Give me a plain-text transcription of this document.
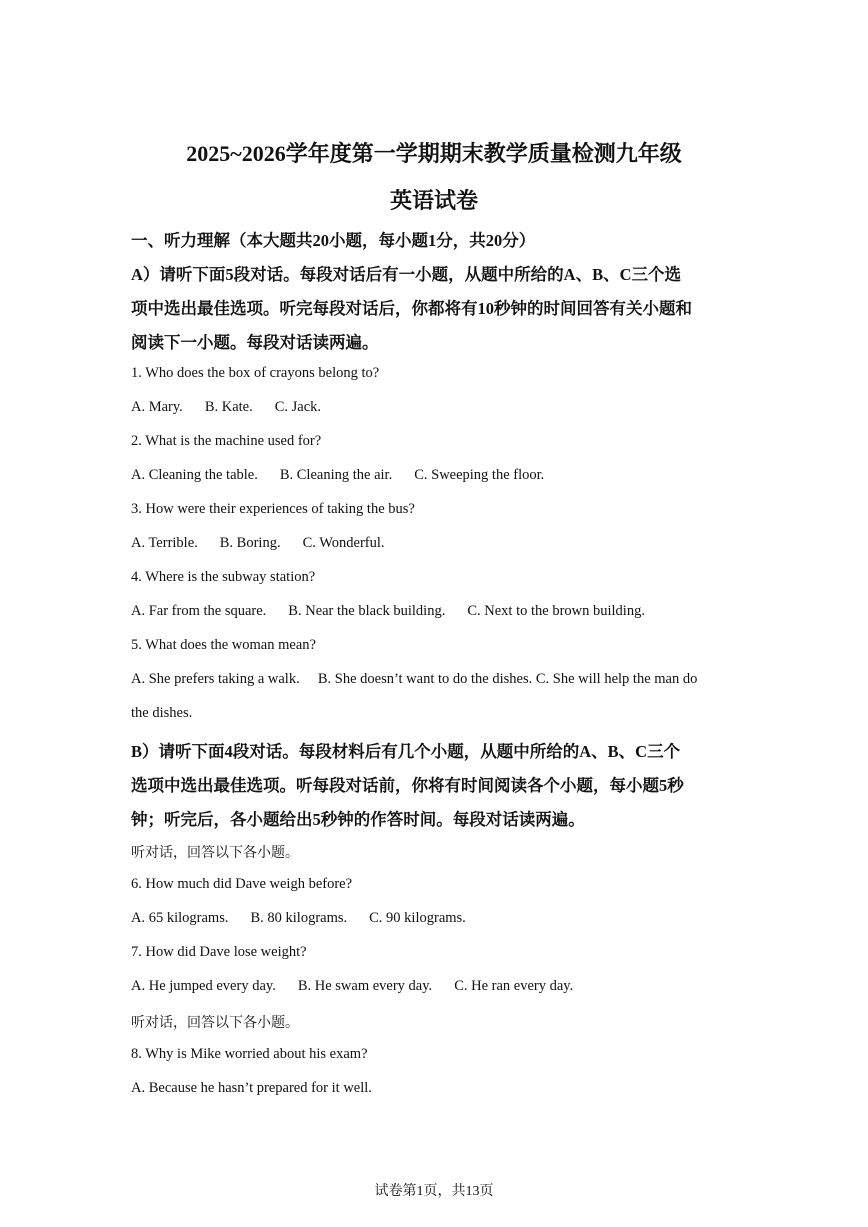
2025~2026学年度第一学期期末教学质量检测九年级
英语试卷
一、听力理解（本大题共20小题，每小题1分，共20分）
A）请听下面5段对话。每段对话后有一小题，从题中所给的A、B、C三个选
项中选出最佳选项。听完每段对话后，你都将有10秒钟的时间回答有关小题和
阅读下一小题。每段对话读两遍。
1. Who does the box of crayons belong to?
A. Mary. B. Kate. C. Jack.
2. What is the machine used for?
A. Cleaning the table. B. Cleaning the air. C. Sweeping the floor.
3. How were their experiences of taking the bus?
A. Terrible. B. Boring. C. Wonderful.
4. Where is the subway station?
A. Far from the square. B. Near the black building. C. Next to the brown building.
5. What does the woman mean?
A. She prefers taking a walk.     B. She doesn’t want to do the dishes. C. She will help the man do
the dishes.
B）请听下面4段对话。每段材料后有几个小题，从题中所给的A、B、C三个
选项中选出最佳选项。听每段对话前，你将有时间阅读各个小题，每小题5秒
钟；听完后，各小题给出5秒钟的作答时间。每段对话读两遍。
听对话，回答以下各小题。
6. How much did Dave weigh before?
A. 65 kilograms. B. 80 kilograms. C. 90 kilograms.
7. How did Dave lose weight?
A. He jumped every day. B. He swam every day. C. He ran every day.
听对话，回答以下各小题。
8. Why is Mike worried about his exam?
A. Because he hasn’t prepared for it well.
试卷第1页，共13页
